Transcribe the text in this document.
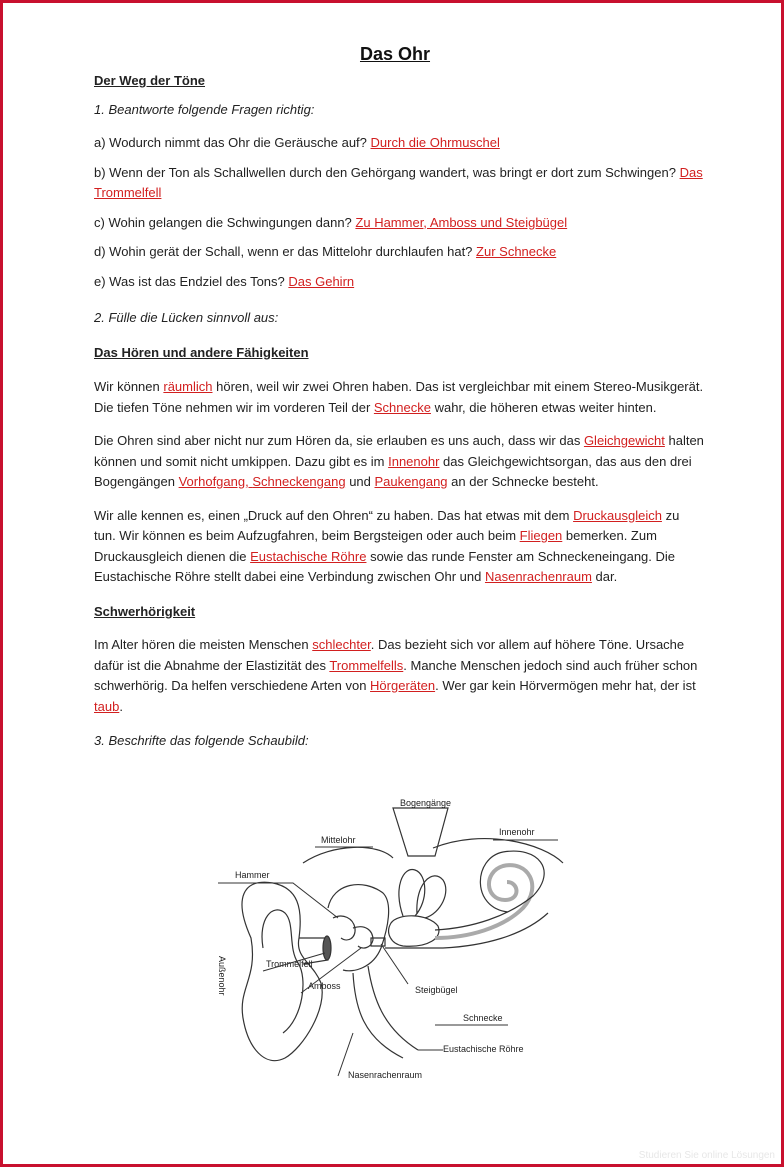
Das Ohr

Der Weg der Töne

1. Beantworte folgende Fragen richtig:

a) Wodurch nimmt das Ohr die Geräusche auf? Durch die Ohrmuschel

b) Wenn der Ton als Schallwellen durch den Gehörgang wandert, was bringt er dort zum Schwingen? Das Trommelfell

c) Wohin gelangen die Schwingungen dann? Zu Hammer, Amboss und Steigbügel

d) Wohin gerät der Schall, wenn er das Mittelohr durchlaufen hat? Zur Schnecke

e) Was ist das Endziel des Tons? Das Gehirn

2. Fülle die Lücken sinnvoll aus:

Das Hören und andere Fähigkeiten

Wir können räumlich hören, weil wir zwei Ohren haben. Das ist vergleichbar mit einem Stereo-Musikgerät. Die tiefen Töne nehmen wir im vorderen Teil der Schnecke wahr, die höheren etwas weiter hinten.

Die Ohren sind aber nicht nur zum Hören da, sie erlauben es uns auch, dass wir das Gleichgewicht halten können und somit nicht umkippen. Dazu gibt es im Innenohr das Gleichgewichtsorgan, das aus den drei Bogengängen Vorhofgang, Schneckengang und Paukengang an der Schnecke besteht.

Wir alle kennen es, einen „Druck auf den Ohren“ zu haben. Das hat etwas mit dem Druckausgleich zu tun. Wir können es beim Aufzugfahren, beim Bergsteigen oder auch beim Fliegen bemerken. Zum Druckausgleich dienen die Eustachische Röhre sowie das runde Fenster am Schneckeneingang. Die Eustachische Röhre stellt dabei eine Verbindung zwischen Ohr und Nasenrachenraum dar.

Schwerhörigkeit

Im Alter hören die meisten Menschen schlechter. Das bezieht sich vor allem auf höhere Töne. Ursache dafür ist die Abnahme der Elastizität des Trommelfells. Manche Menschen jedoch sind auch früher schon schwerhörig. Da helfen verschiedene Arten von Hörgeräten. Wer gar kein Hörvermögen mehr hat, der ist taub.

3. Beschrifte das folgende Schaubild:

Bogengänge
Mittelohr
Innenohr
Hammer
Trommelfell
Amboss	Steigbügel
Schnecke
Eustachische Röhre
Nasenrachenraum
Außenohr
Studieren Sie online Lösungen
